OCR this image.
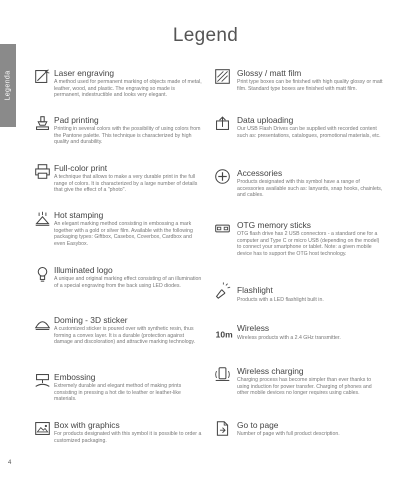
Legenda
Legend
Laser engraving
A method used for permanent marking of objects made of metal, leather, wood, and plastic. The engraving so made is permanent, indestructible and looks very elegant.
Pad printing
Printing in several colors with the possibility of using colors from the Pantone palette. This technique is characterized by high quality and durability.
Full-color print
A technique that allows to make a very durable print in the full range of colors. It is characterized by a large number of details that give the effect of a "photo".
Hot stamping
An elegant marking method consisting in embossing a mark together with a gold or silver film. Available with the following packaging types: Giftbox, Casebox, Coverbox, Cardbox and even Easybox.
Illuminated logo
A unique and original marking effect consisting of an illumination of a special engraving from the back using LED diodes.
Doming - 3D sticker
A customized sticker is poured over with synthetic resin, thus forming a convex layer. It is a durable (protection against damage and discoloration) and attractive marking technology.
Embossing
Extremely durable and elegant method of making prints consisting in pressing a hot die to leather or leather-like materials.
Box with graphics
For products designated with this symbol it is possible to order a customized packaging.
Glossy / matt film
Print type boxes can be finished with high quality glossy or matt film. Standard type boxes are finished with matt film.
Data uploading
Our USB Flash Drives can be supplied with recorded content such as: presentations, catalogues, promotional materials, etc.
Accessories
Products designated with this symbol have a range of accessories available such as: lanyards, snap hooks, chainlets, and cables.
OTG memory sticks
OTG flash drive has 2 USB connectors - a standard one for a computer and Type C or micro USB (depending on the model) to connect your smartphone or tablet. Note: a given mobile device has to support the OTG host technology.
Flashlight
Products with a LED flashlight built in.
10m
Wireless
Wireless products with a 2.4 GHz transmitter.
Wireless charging
Charging process has become simpler than ever thanks to using induction for power transfer. Charging of phones and other mobile devices no longer requires using cables.
Go to page
Number of page with full product description.
4
